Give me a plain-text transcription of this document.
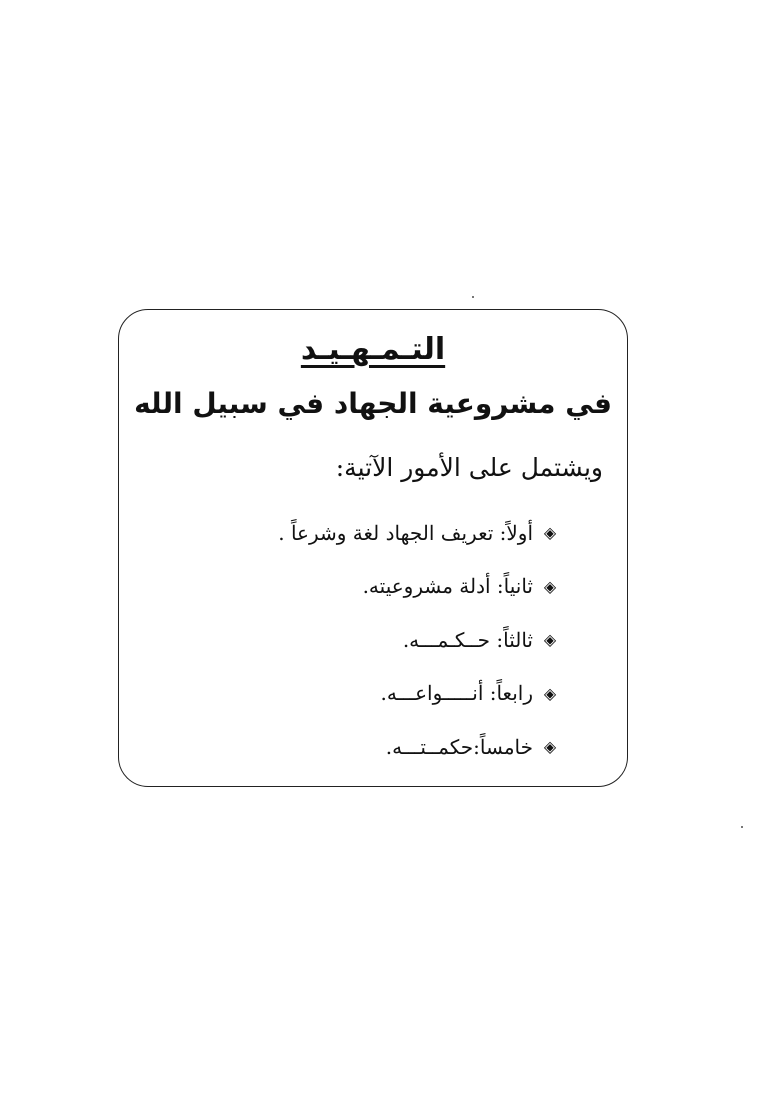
التـمـهـيـد
في مشروعية الجهاد في سبيل الله
ويشتمل على الأمور الآتية:
◈
أولاً: تعريف الجهاد لغة وشرعاً .
◈
ثانياً: أدلة مشروعيته.
◈
ثالثاً: حــكـمـــه.
◈
رابعاً: أنـــــواعـــه.
◈
خامساً:حكمــتـــه.
